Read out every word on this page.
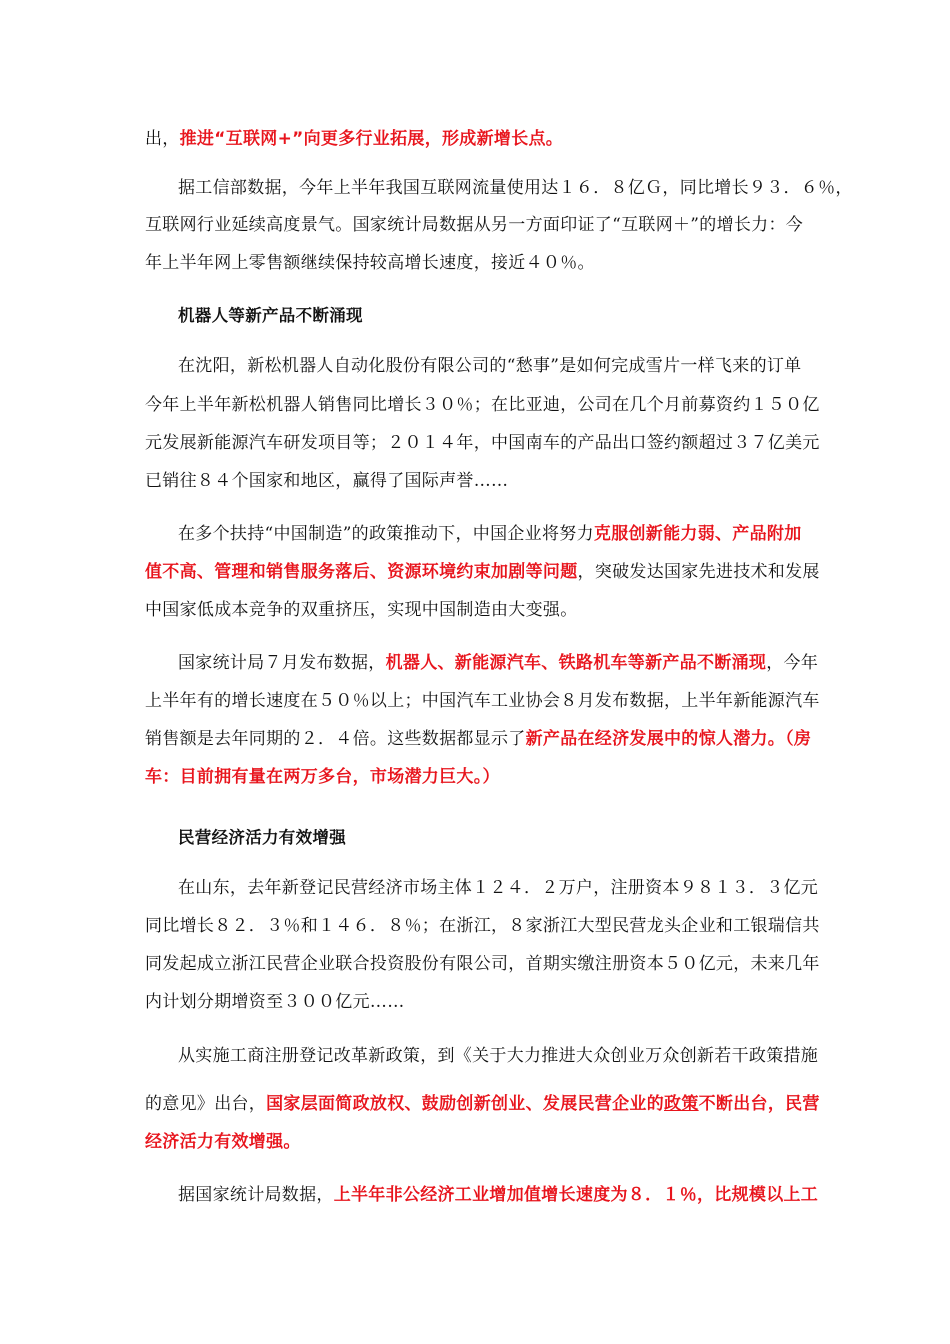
出，推进“互联网+”向更多行业拓展，形成新增长点。
据工信部数据，今年上半年我国互联网流量使用达１６．８亿Ｇ，同比增长９３．６％，
互联网行业延续高度景气。国家统计局数据从另一方面印证了“互联网＋”的增长力：今
年上半年网上零售额继续保持较高增长速度，接近４０％。
机器人等新产品不断涌现
在沈阳，新松机器人自动化股份有限公司的“愁事”是如何完成雪片一样飞来的订单
今年上半年新松机器人销售同比增长３０％；在比亚迪，公司在几个月前募资约１５０亿
元发展新能源汽车研发项目等；２０１４年，中国南车的产品出口签约额超过３７亿美元
已销往８４个国家和地区，赢得了国际声誉……
在多个扶持“中国制造”的政策推动下，中国企业将努力克服创新能力弱、产品附加
值不高、管理和销售服务落后、资源环境约束加剧等问题，突破发达国家先进技术和发展
中国家低成本竞争的双重挤压，实现中国制造由大变强。
国家统计局７月发布数据，机器人、新能源汽车、铁路机车等新产品不断涌现，今年
上半年有的增长速度在５０％以上；中国汽车工业协会８月发布数据，上半年新能源汽车
销售额是去年同期的２．４倍。这些数据都显示了新产品在经济发展中的惊人潜力。（房
车：目前拥有量在两万多台，市场潜力巨大。）
民营经济活力有效增强
在山东，去年新登记民营经济市场主体１２４．２万户，注册资本９８１３．３亿元
同比增长８２．３％和１４６．８％；在浙江，８家浙江大型民营龙头企业和工银瑞信共
同发起成立浙江民营企业联合投资股份有限公司，首期实缴注册资本５０亿元，未来几年
内计划分期增资至３００亿元……
从实施工商注册登记改革新政策，到《关于大力推进大众创业万众创新若干政策措施
的意见》出台，国家层面简政放权、鼓励创新创业、发展民营企业的政策不断出台，民营
经济活力有效增强。
据国家统计局数据，上半年非公经济工业增加值增长速度为８．１％，比规模以上工
